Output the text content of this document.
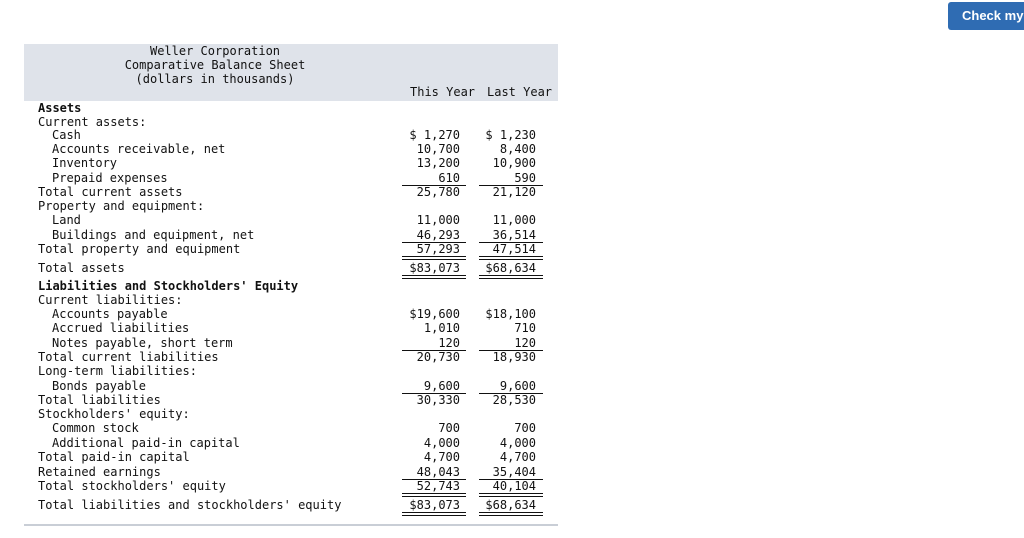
Check my
Weller Corporation
Comparative Balance Sheet
(dollars in thousands)
This Year Last Year
Assets
Current assets:
Cash	$ 1,270	$ 1,230
Accounts receivable, net	10,700	8,400
Inventory	13,200	10,900
Prepaid expenses	610	590
Total current assets	25,780	21,120
Property and equipment:
Land	11,000	11,000
Buildings and equipment, net	46,293	36,514
Total property and equipment	57,293	47,514
Total assets	$83,073	$68,634
Liabilities and Stockholders' Equity
Current liabilities:
Accounts payable	$19,600	$18,100
Accrued liabilities	1,010	710
Notes payable, short term	120	120
Total current liabilities	20,730	18,930
Long-term liabilities:
Bonds payable	9,600	9,600
Total liabilities	30,330	28,530
Stockholders' equity:
Common stock	700	700
Additional paid-in capital	4,000	4,000
Total paid-in capital	4,700	4,700
Retained earnings	48,043	35,404
Total stockholders' equity	52,743	40,104
Total liabilities and stockholders' equity	$83,073	$68,634
